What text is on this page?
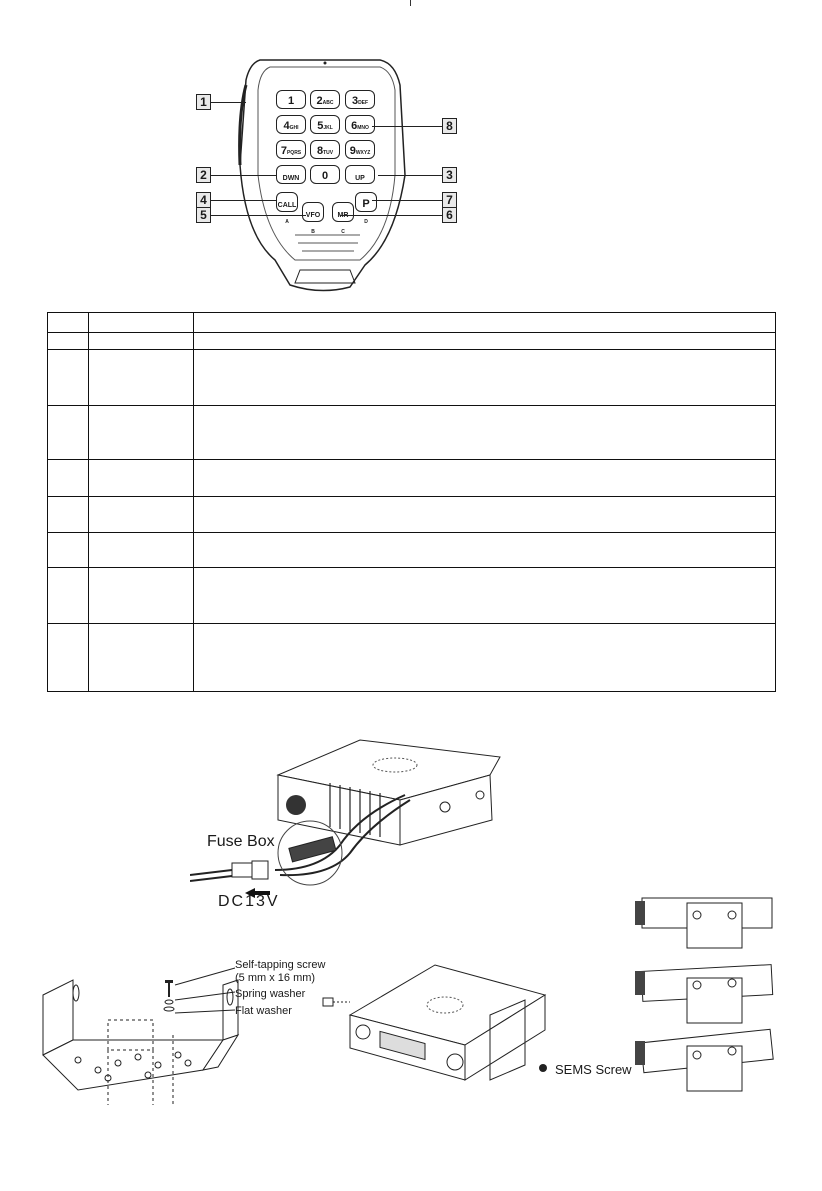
1	2ABC	3DEF
4GHI	5JKL	6MNO
7PQRS	8TUV	9WXYZ
DWN	0	UP

CALL
A
P
D
VFO
B
MR
C
1
2	3
4
5	6
7
8

Fuse Box
DC13V
Self-tapping screw
(5 mm x 16 mm)
Spring washer
Flat washer
SEMS Screw
